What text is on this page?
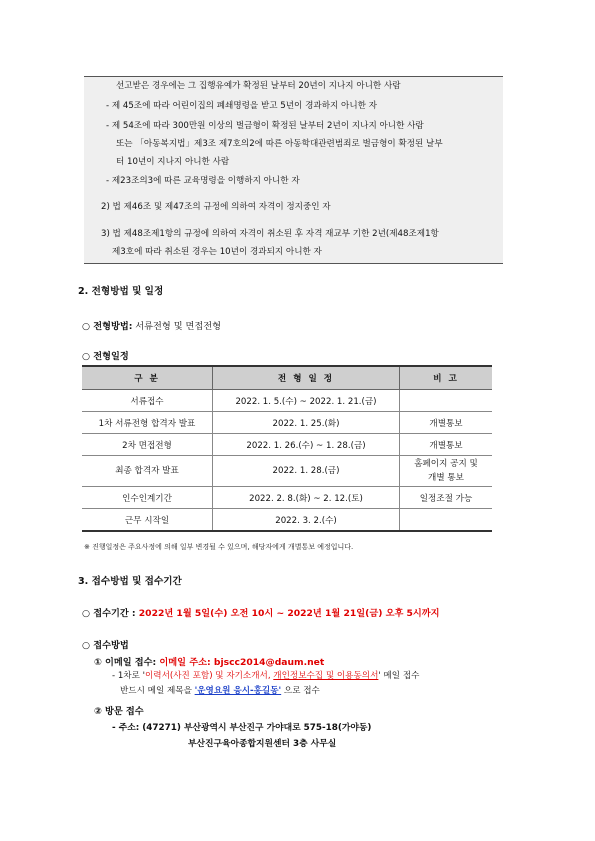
선고받은 경우에는 그 집행유예가 확정된 날부터 20년이 지나지 아니한 사람
- 제 45조에 따라 어린이집의 폐쇄명령을 받고 5년이 경과하지 아니한 자
- 제 54조에 따라 300만원 이상의 벌금형이 확정된 날부터 2년이 지나지 아니한 사람
또는 「아동복지법」제3조 제7호의2에 따른 아동학대관련범죄로 벌금형이 확정된 날부
터 10년이 지나지 아니한 사람
- 제23조의3에 따른 교육명령을 이행하지 아니한 자
2) 법 제46조 및 제47조의 규정에 의하여 자격이 정지중인 자
3) 법 제48조제1항의 규정에 의하여 자격이 취소된 후 자격 재교부 기한 2년(제48조제1항
제3호에 따라 취소된 경우는 10년이 경과되지 아니한 자
2. 전형방법 및 일정
○ 전형방법: 서류전형 및 면접전형
○ 전형일정
구 분	전 형 일 정	비 고
서류접수	2022. 1. 5.(수) ~ 2022. 1. 21.(금)	
1차 서류전형 합격자 발표	2022. 1. 25.(화)	개별통보
2차 면접전형	2022. 1. 26.(수) ~ 1. 28.(금)	개별통보
최종 합격자 발표	2022. 1. 28.(금)	홈페이지 공지 및
개별 통보
인수인계기간	2022. 2. 8.(화) ~ 2. 12.(토)	일정조절 가능
근무 시작일	2022. 3. 2.(수)	
※ 진행일정은 주요사정에 의해 일부 변경될 수 있으며, 해당자에게 개별통보 예정입니다.
3. 접수방법 및 접수기간
○ 접수기간 : 2022년 1월 5일(수) 오전 10시 ~ 2022년 1월 21일(금) 오후 5시까지
○ 접수방법
① 이메일 접수: 이메일 주소: bjscc2014@daum.net
- 1차로 '이력서(사진 포함) 및 자기소개서, 개인정보수집 및 이용동의서' 메일 접수
반드시 메일 제목을 '운영요원 응시-홍길동' 으로 접수
② 방문 접수
- 주소: (47271) 부산광역시 부산진구 가야대로 575-18(가야동)
부산진구육아종합지원센터 3층 사무실
